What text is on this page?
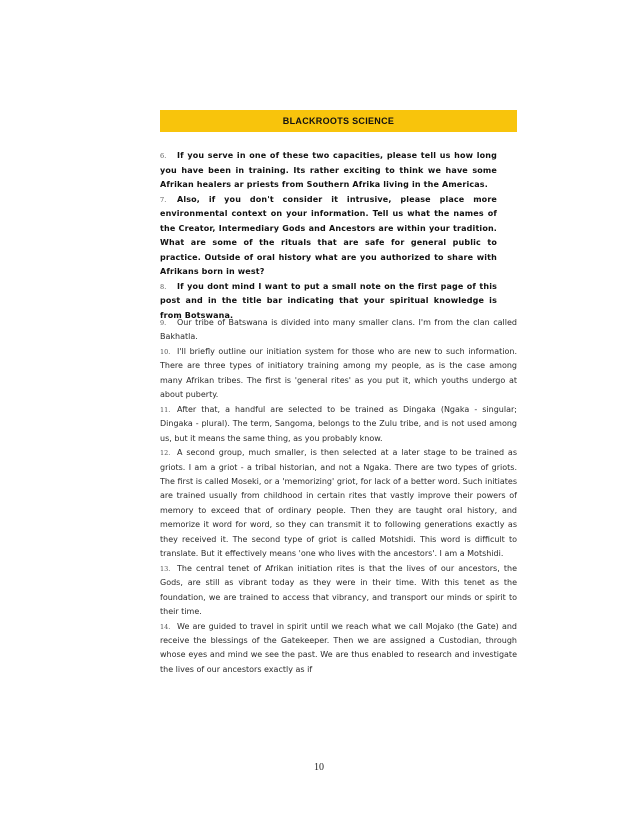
BLACKROOTS SCIENCE

6. If you serve in one of these two capacities, please tell us how long you have been in training. Its rather exciting to think we have some Afrikan healers ar priests from Southern Afrika living in the Americas.

7. Also, if you don't consider it intrusive, please place more environmental context on your information. Tell us what the names of the Creator, Intermediary Gods and Ancestors are within your tradition. What are some of the rituals that are safe for general public to practice. Outside of oral history what are you authorized to share with Afrikans born in west?

8. If you dont mind I want to put a small note on the first page of this post and in the title bar indicating that your spiritual knowledge is from Botswana.

9. Our tribe of Batswana is divided into many smaller clans. I'm from the clan called Bakhatla.

10. I'll briefly outline our initiation system for those who are new to such information. There are three types of initiatory training among my people, as is the case among many Afrikan tribes. The first is 'general rites' as you put it, which youths undergo at about puberty.

11. After that, a handful are selected to be trained as Dingaka (Ngaka - singular; Dingaka - plural). The term, Sangoma, belongs to the Zulu tribe, and is not used among us, but it means the same thing, as you probably know.

12. A second group, much smaller, is then selected at a later stage to be trained as griots. I am a griot - a tribal historian, and not a Ngaka. There are two types of griots. The first is called Moseki, or a 'memorizing' griot, for lack of a better word. Such initiates are trained usually from childhood in certain rites that vastly improve their powers of memory to exceed that of ordinary people. Then they are taught oral history, and memorize it word for word, so they can transmit it to following generations exactly as they received it. The second type of griot is called Motshidi. This word is difficult to translate. But it effectively means 'one who lives with the ancestors'. I am a Motshidi.

13. The central tenet of Afrikan initiation rites is that the lives of our ancestors, the Gods, are still as vibrant today as they were in their time. With this tenet as the foundation, we are trained to access that vibrancy, and transport our minds or spirit to their time.

14. We are guided to travel in spirit until we reach what we call Mojako (the Gate) and receive the blessings of the Gatekeeper. Then we are assigned a Custodian, through whose eyes and mind we see the past. We are thus enabled to research and investigate the lives of our ancestors exactly as if

10
